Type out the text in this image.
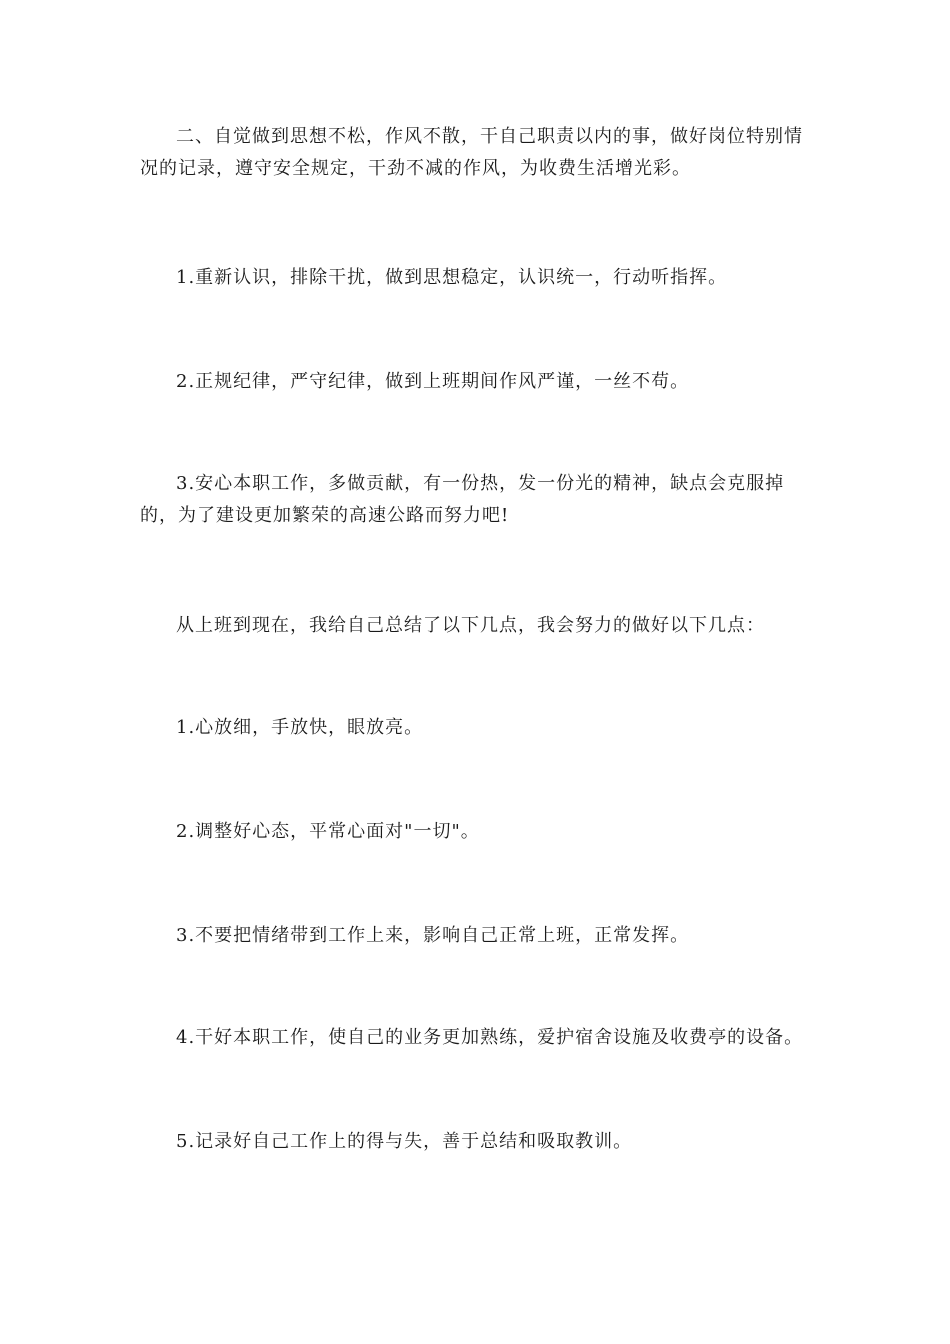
二、自觉做到思想不松，作风不散，干自己职责以内的事，做好岗位特别情况的记录，遵守安全规定，干劲不减的作风，为收费生活增光彩。

1.重新认识，排除干扰，做到思想稳定，认识统一，行动听指挥。

2.正规纪律，严守纪律，做到上班期间作风严谨，一丝不苟。

3.安心本职工作，多做贡献，有一份热，发一份光的精神，缺点会克服掉的，为了建设更加繁荣的高速公路而努力吧!

从上班到现在，我给自己总结了以下几点，我会努力的做好以下几点：

1.心放细，手放快，眼放亮。

2.调整好心态，平常心面对"一切"。

3.不要把情绪带到工作上来，影响自己正常上班，正常发挥。

4.干好本职工作，使自己的业务更加熟练，爱护宿舍设施及收费亭的设备。

5.记录好自己工作上的得与失，善于总结和吸取教训。
